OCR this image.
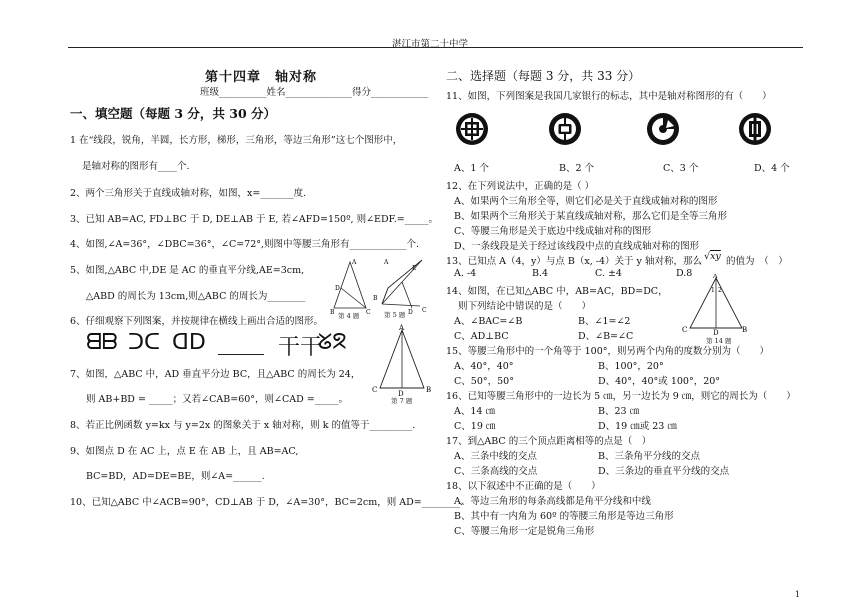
湛江市第二十中学
第十四章　轴对称
班级__________姓名______________得分____________
一、填空题（每题 3 分，共 30 分）
1 在“线段，锐角，半圆，长方形，梯形，三角形，等边三角形”这七个图形中，
是轴对称的图形有____个.
2、两个三角形关于直线成轴对称，如图，x=_______度.
3、已知 AB=AC, FD⊥BC 于 D, DE⊥AB 于 E, 若∠AFD=150º, 则∠EDF.=_____。
4、如图,∠A=36°，∠DBC=36°，∠C=72°,则图中等腰三角形有____________个.
5、如图,△ABC 中,DE 是 AC 的垂直平分线,AE=3cm,
△ABD 的周长为 13cm,则△ABC 的周长为________
6、仔细观察下列图案，并按规律在横线上画出合适的图形。
ᗺᗷ ᑐᑕ ᗡᗞ	干干
ᘜᘝ
7、如图，△ABC 中，AD 垂直平分边 BC，且△ABC 的周长为 24，
则 AB+BD = _____；又若∠CAB=60°，则∠CAD =_____。
8、若正比例函数 y=kx 与 y=2x 的图象关于 x 轴对称，则 k 的值等于_________.
9、如图点 D 在 AC 上，点 E 在 AB 上，且 AB=AC,
BC=BD，AD=DE=BE，则∠A=______.
10、已知△ABC 中∠ACB=90°，CD⊥AB 于 D，∠A=30°，BC=2cm，则 AD=________.
A
B	C
D
第 4 题
A
E
B
D C
第 5 题
A
C	D	B
第 7 题
二、选择题（每题 3 分，共 33 分）
11、如图，下列图案是我国几家银行的标志，其中是轴对称图形的有（　　）
A、1 个	B、2 个	C、3 个	D、4 个
12、在下列说法中，正确的是（ ）
A、如果两个三角形全等，则它们必是关于直线成轴对称的图形
B、如果两个三角形关于某直线成轴对称，那么它们是全等三角形
C、等腰三角形是关于底边中线成轴对称的图形
D、一条线段是关于经过该线段中点的直线成轴对称的图形
13、已知点 A（4，y）与点 B（x, -4）关于 y 轴对称，那么 √xy 的值为　（　）
A. -4	B.4	C. ±4	D.8
14、如图，在已知△ABC 中，AB=AC，BD=DC，
则下列结论中错误的是（　　）
A、∠BAC=∠B	B、∠1=∠2
C、AD⊥BC	D、∠B=∠C
A
1 2
C	D	B
第 14 题
15、等腰三角形中的一个角等于 100°，则另两个内角的度数分别为（　　）
A、40°，40°	B、100°，20°
C、50°，50°	D、40°，40°或 100°，20°
16、已知等腰三角形中的一边长为 5 ㎝，另一边长为 9 ㎝，则它的周长为（　　）
A、14 ㎝	B、23 ㎝
C、19 ㎝	D、19 ㎝或 23 ㎝
17、到△ABC 的三个顶点距离相等的点是（　）
A、三条中线的交点	B、三条角平分线的交点
C、三条高线的交点	D、三条边的垂直平分线的交点
18、以下叙述中不正确的是（　　）
A、等边三角形的每条高线都是角平分线和中线
B、其中有一内角为 60º 的等腰三角形是等边三角形
C、等腰三角形一定是锐角三角形
1
